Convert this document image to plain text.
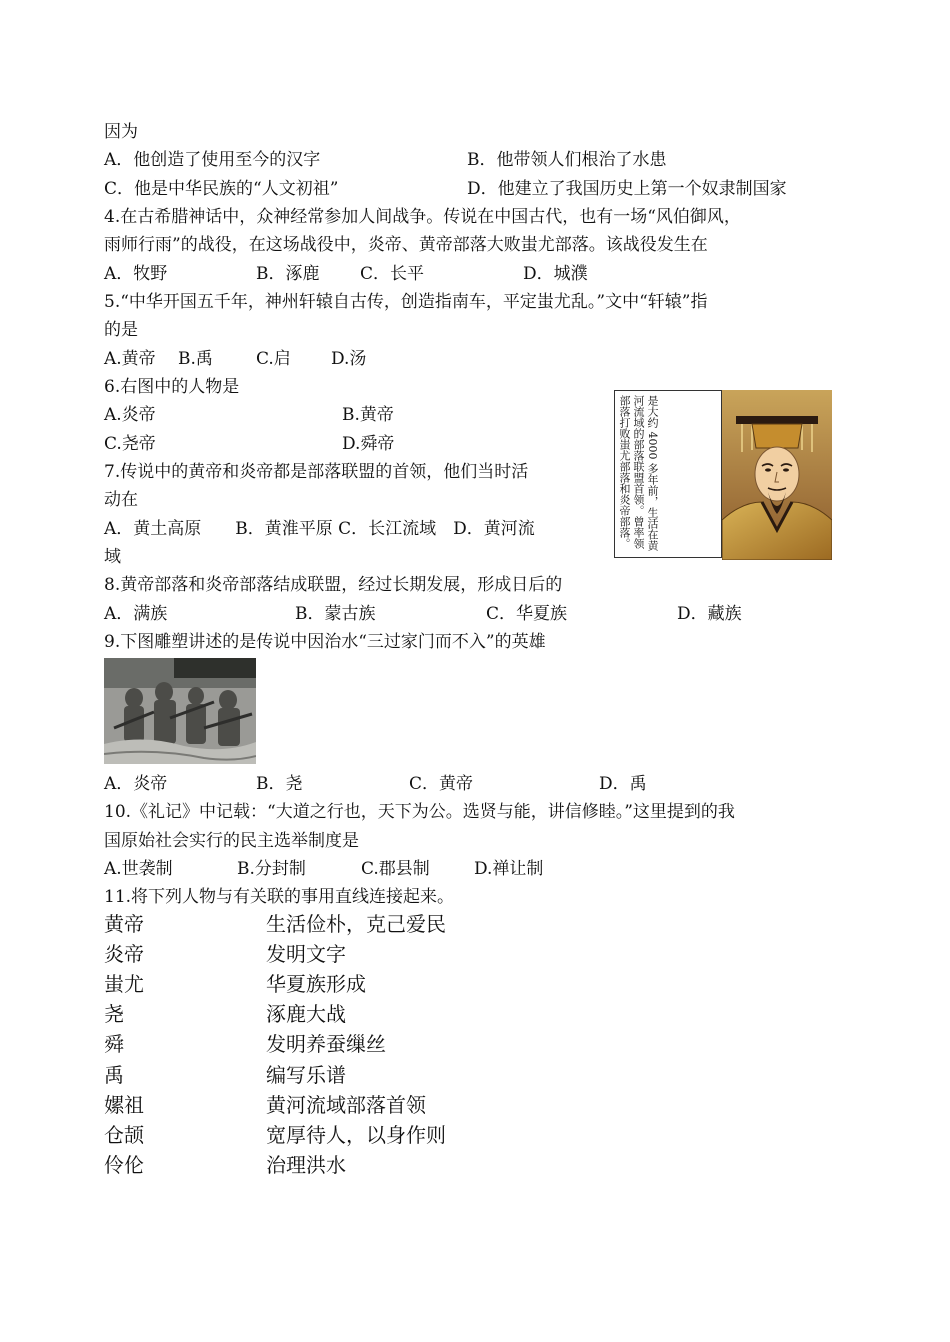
因为
A．他创造了使用至今的汉字	B．他带领人们根治了水患
C．他是中华民族的“人文初祖”	D．他建立了我国历史上第一个奴隶制国家
4.在古希腊神话中，众神经常参加人间战争。传说在中国古代，也有一场“风伯御风，
雨师行雨”的战役，在这场战役中，炎帝、黄帝部落大败蚩尤部落。该战役发生在
A．牧野	B．涿鹿 C．长平	D．城濮
5.“中华开国五千年，神州轩辕自古传，创造指南车，平定蚩尤乱。”文中“轩辕”指
的是
A.黄帝 B.禹	C.启 D.汤
6.右图中的人物是
A.炎帝	B.黄帝
C.尧帝	D.舜帝	是大约 4000 多年前，生活在黄河流域的部落联盟首领。曾率领部落打败蚩尤部落和炎帝部落。
7.传说中的黄帝和炎帝都是部落联盟的首领，他们当时活
动在
A．黄土高原　　B．黄淮平原 C．长江流域　D．黄河流
域
8.黄帝部落和炎帝部落结成联盟，经过长期发展，形成日后的
A．满族	B．蒙古族	C．华夏族	D．藏族
9.下图雕塑讲述的是传说中因治水“三过家门而不入”的英雄
A．炎帝	B．尧	C．黄帝	D．禹
10.《礼记》中记载：“大道之行也，天下为公。选贤与能，讲信修睦。”这里提到的我
国原始社会实行的民主选举制度是
A.世袭制	B.分封制	C.郡县制	D.禅让制
11.将下列人物与有关联的事用直线连接起来。
黄帝	生活俭朴，克己爱民
炎帝	发明文字
蚩尤	华夏族形成
尧	涿鹿大战
舜	发明养蚕缫丝
禹	编写乐谱
嫘祖	黄河流域部落首领
仓颉	宽厚待人，以身作则
伶伦	治理洪水
